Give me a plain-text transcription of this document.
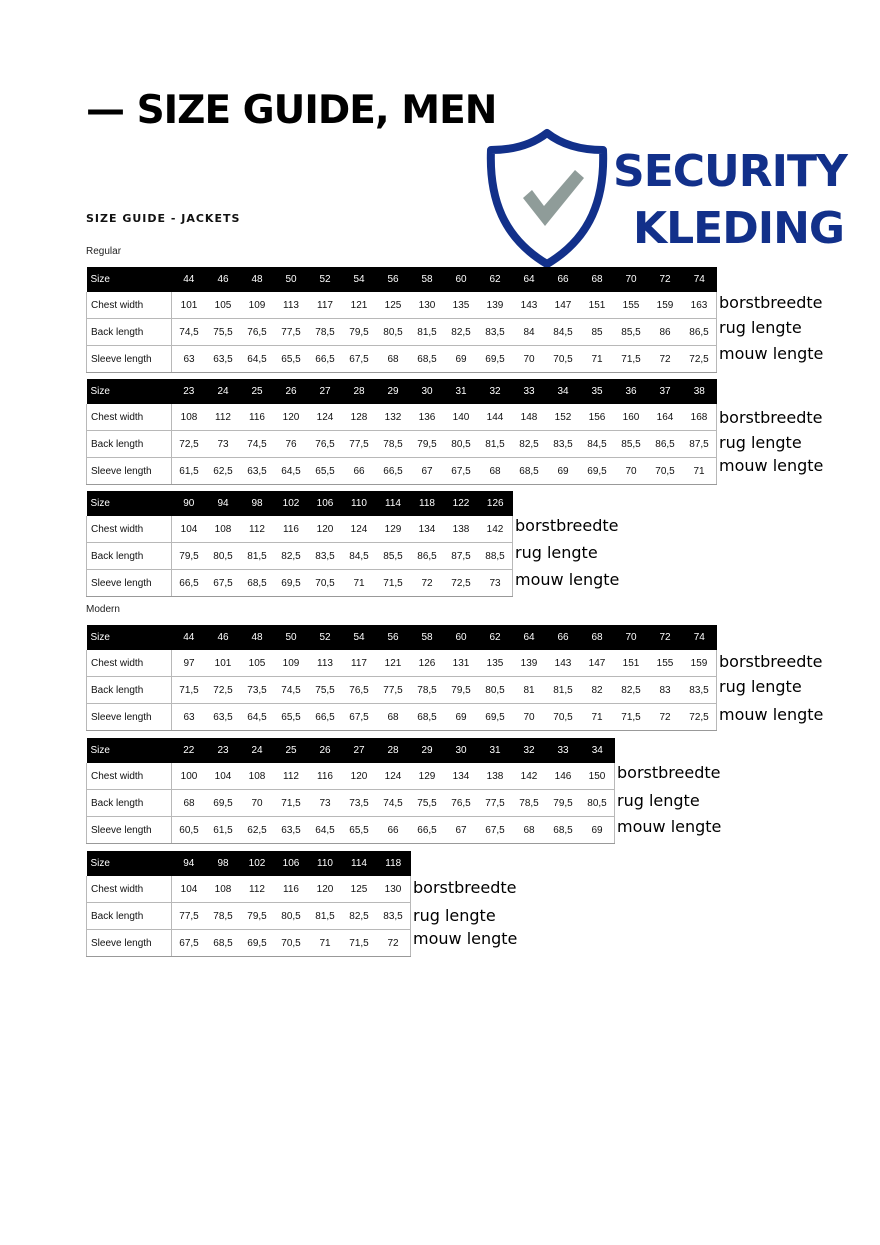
— SIZE GUIDE, MEN
SECURITY
KLEDING
SIZE GUIDE - JACKETS
Regular
Modern
Size	44	46	48	50	52	54	56	58	60	62	64	66	68	70	72	74
Chest width	101	105	109	113	117	121	125	130	135	139	143	147	151	155	159	163
Back length	74,5	75,5	76,5	77,5	78,5	79,5	80,5	81,5	82,5	83,5	84	84,5	85	85,5	86	86,5
Sleeve length	63	63,5	64,5	65,5	66,5	67,5	68	68,5	69	69,5	70	70,5	71	71,5	72	72,5
borstbreedte
rug lengte
mouw lengte
Size	23	24	25	26	27	28	29	30	31	32	33	34	35	36	37	38
Chest width	108	112	116	120	124	128	132	136	140	144	148	152	156	160	164	168
Back length	72,5	73	74,5	76	76,5	77,5	78,5	79,5	80,5	81,5	82,5	83,5	84,5	85,5	86,5	87,5
Sleeve length	61,5	62,5	63,5	64,5	65,5	66	66,5	67	67,5	68	68,5	69	69,5	70	70,5	71
borstbreedte
rug lengte
mouw lengte
Size	90	94	98	102	106	110	114	118	122	126
Chest width	104	108	112	116	120	124	129	134	138	142
Back length	79,5	80,5	81,5	82,5	83,5	84,5	85,5	86,5	87,5	88,5
Sleeve length	66,5	67,5	68,5	69,5	70,5	71	71,5	72	72,5	73
borstbreedte
rug lengte
mouw lengte
Size	44	46	48	50	52	54	56	58	60	62	64	66	68	70	72	74
Chest width	97	101	105	109	113	117	121	126	131	135	139	143	147	151	155	159
Back length	71,5	72,5	73,5	74,5	75,5	76,5	77,5	78,5	79,5	80,5	81	81,5	82	82,5	83	83,5
Sleeve length	63	63,5	64,5	65,5	66,5	67,5	68	68,5	69	69,5	70	70,5	71	71,5	72	72,5
borstbreedte
rug lengte
mouw lengte
Size	22	23	24	25	26	27	28	29	30	31	32	33	34
Chest width	100	104	108	112	116	120	124	129	134	138	142	146	150
Back length	68	69,5	70	71,5	73	73,5	74,5	75,5	76,5	77,5	78,5	79,5	80,5
Sleeve length	60,5	61,5	62,5	63,5	64,5	65,5	66	66,5	67	67,5	68	68,5	69
borstbreedte
rug lengte
mouw lengte
Size	94	98	102	106	110	114	118
Chest width	104	108	112	116	120	125	130
Back length	77,5	78,5	79,5	80,5	81,5	82,5	83,5
Sleeve length	67,5	68,5	69,5	70,5	71	71,5	72
borstbreedte
rug lengte
mouw lengte
